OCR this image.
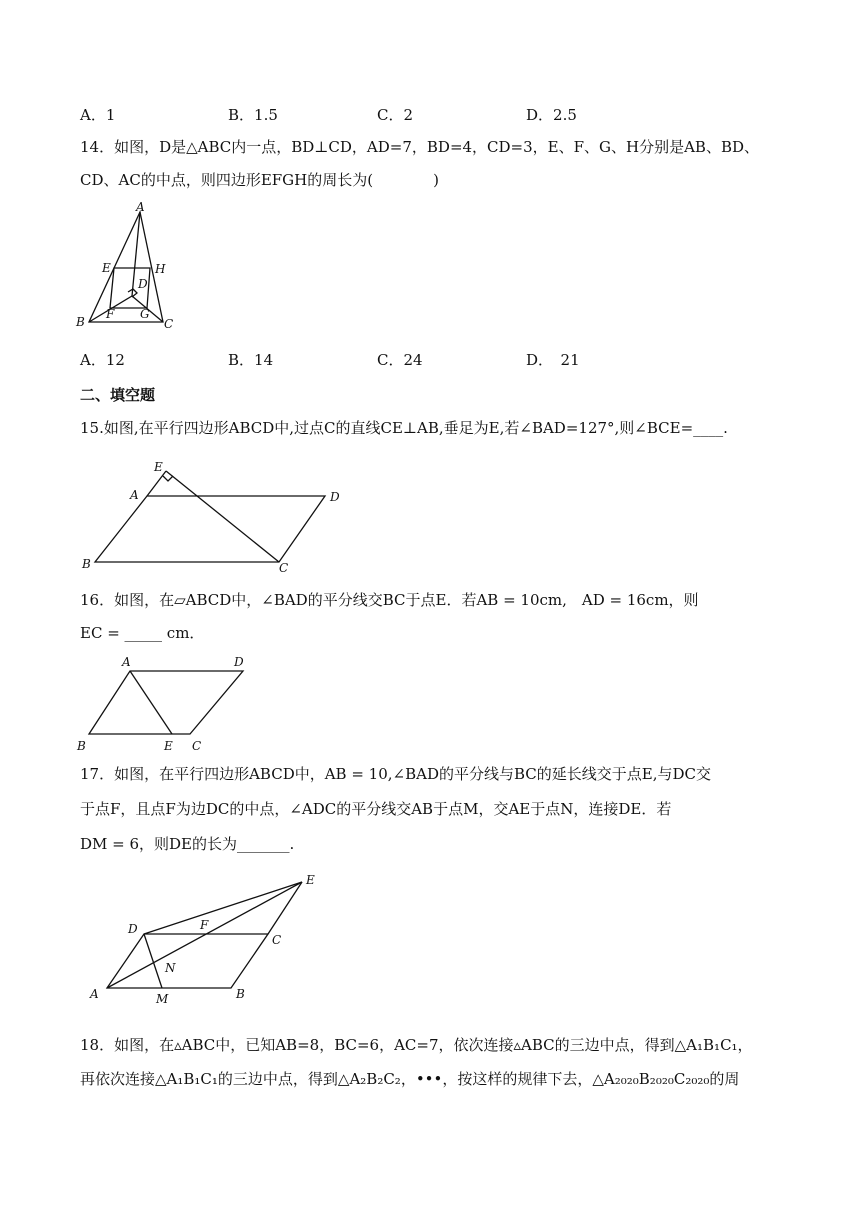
A．1	B．1.5	C．2	D．2.5
14．如图，D是△ABC内一点，BD⊥CD，AD=7，BD=4，CD=3，E、F、G、H分别是AB、BD、
CD、AC的中点，则四边形EFGH的周长为(　　　　)
A
E	H
D
B
F G
C
A．12	B．14	C．24	D．　21
二、填空题
15.如图,在平行四边形ABCD中,过点C的直线CE⊥AB,垂足为E,若∠BAD=127°,则∠BCE=____.
E
A	D
B	C
16．如图，在▱ABCD中，∠BAD的平分线交BC于点E．若AB = 10cm,　AD = 16cm，则
EC = _____ cm．
A	D
B	E C
17．如图，在平行四边形ABCD中，AB = 10,∠BAD的平分线与BC的延长线交于点E,与DC交
于点F，且点F为边DC的中点，∠ADC的平分线交AB于点M，交AE于点N，连接DE．若
DM = 6，则DE的长为_______.
E
D	F
C
N
A	M	B
18．如图，在▵ABC中，已知AB=8，BC=6，AC=7，依次连接▵ABC的三边中点，得到△A₁B₁C₁，
再依次连接△A₁B₁C₁的三边中点，得到△A₂B₂C₂，•••，按这样的规律下去，△A₂₀₂₀B₂₀₂₀C₂₀₂₀的周
